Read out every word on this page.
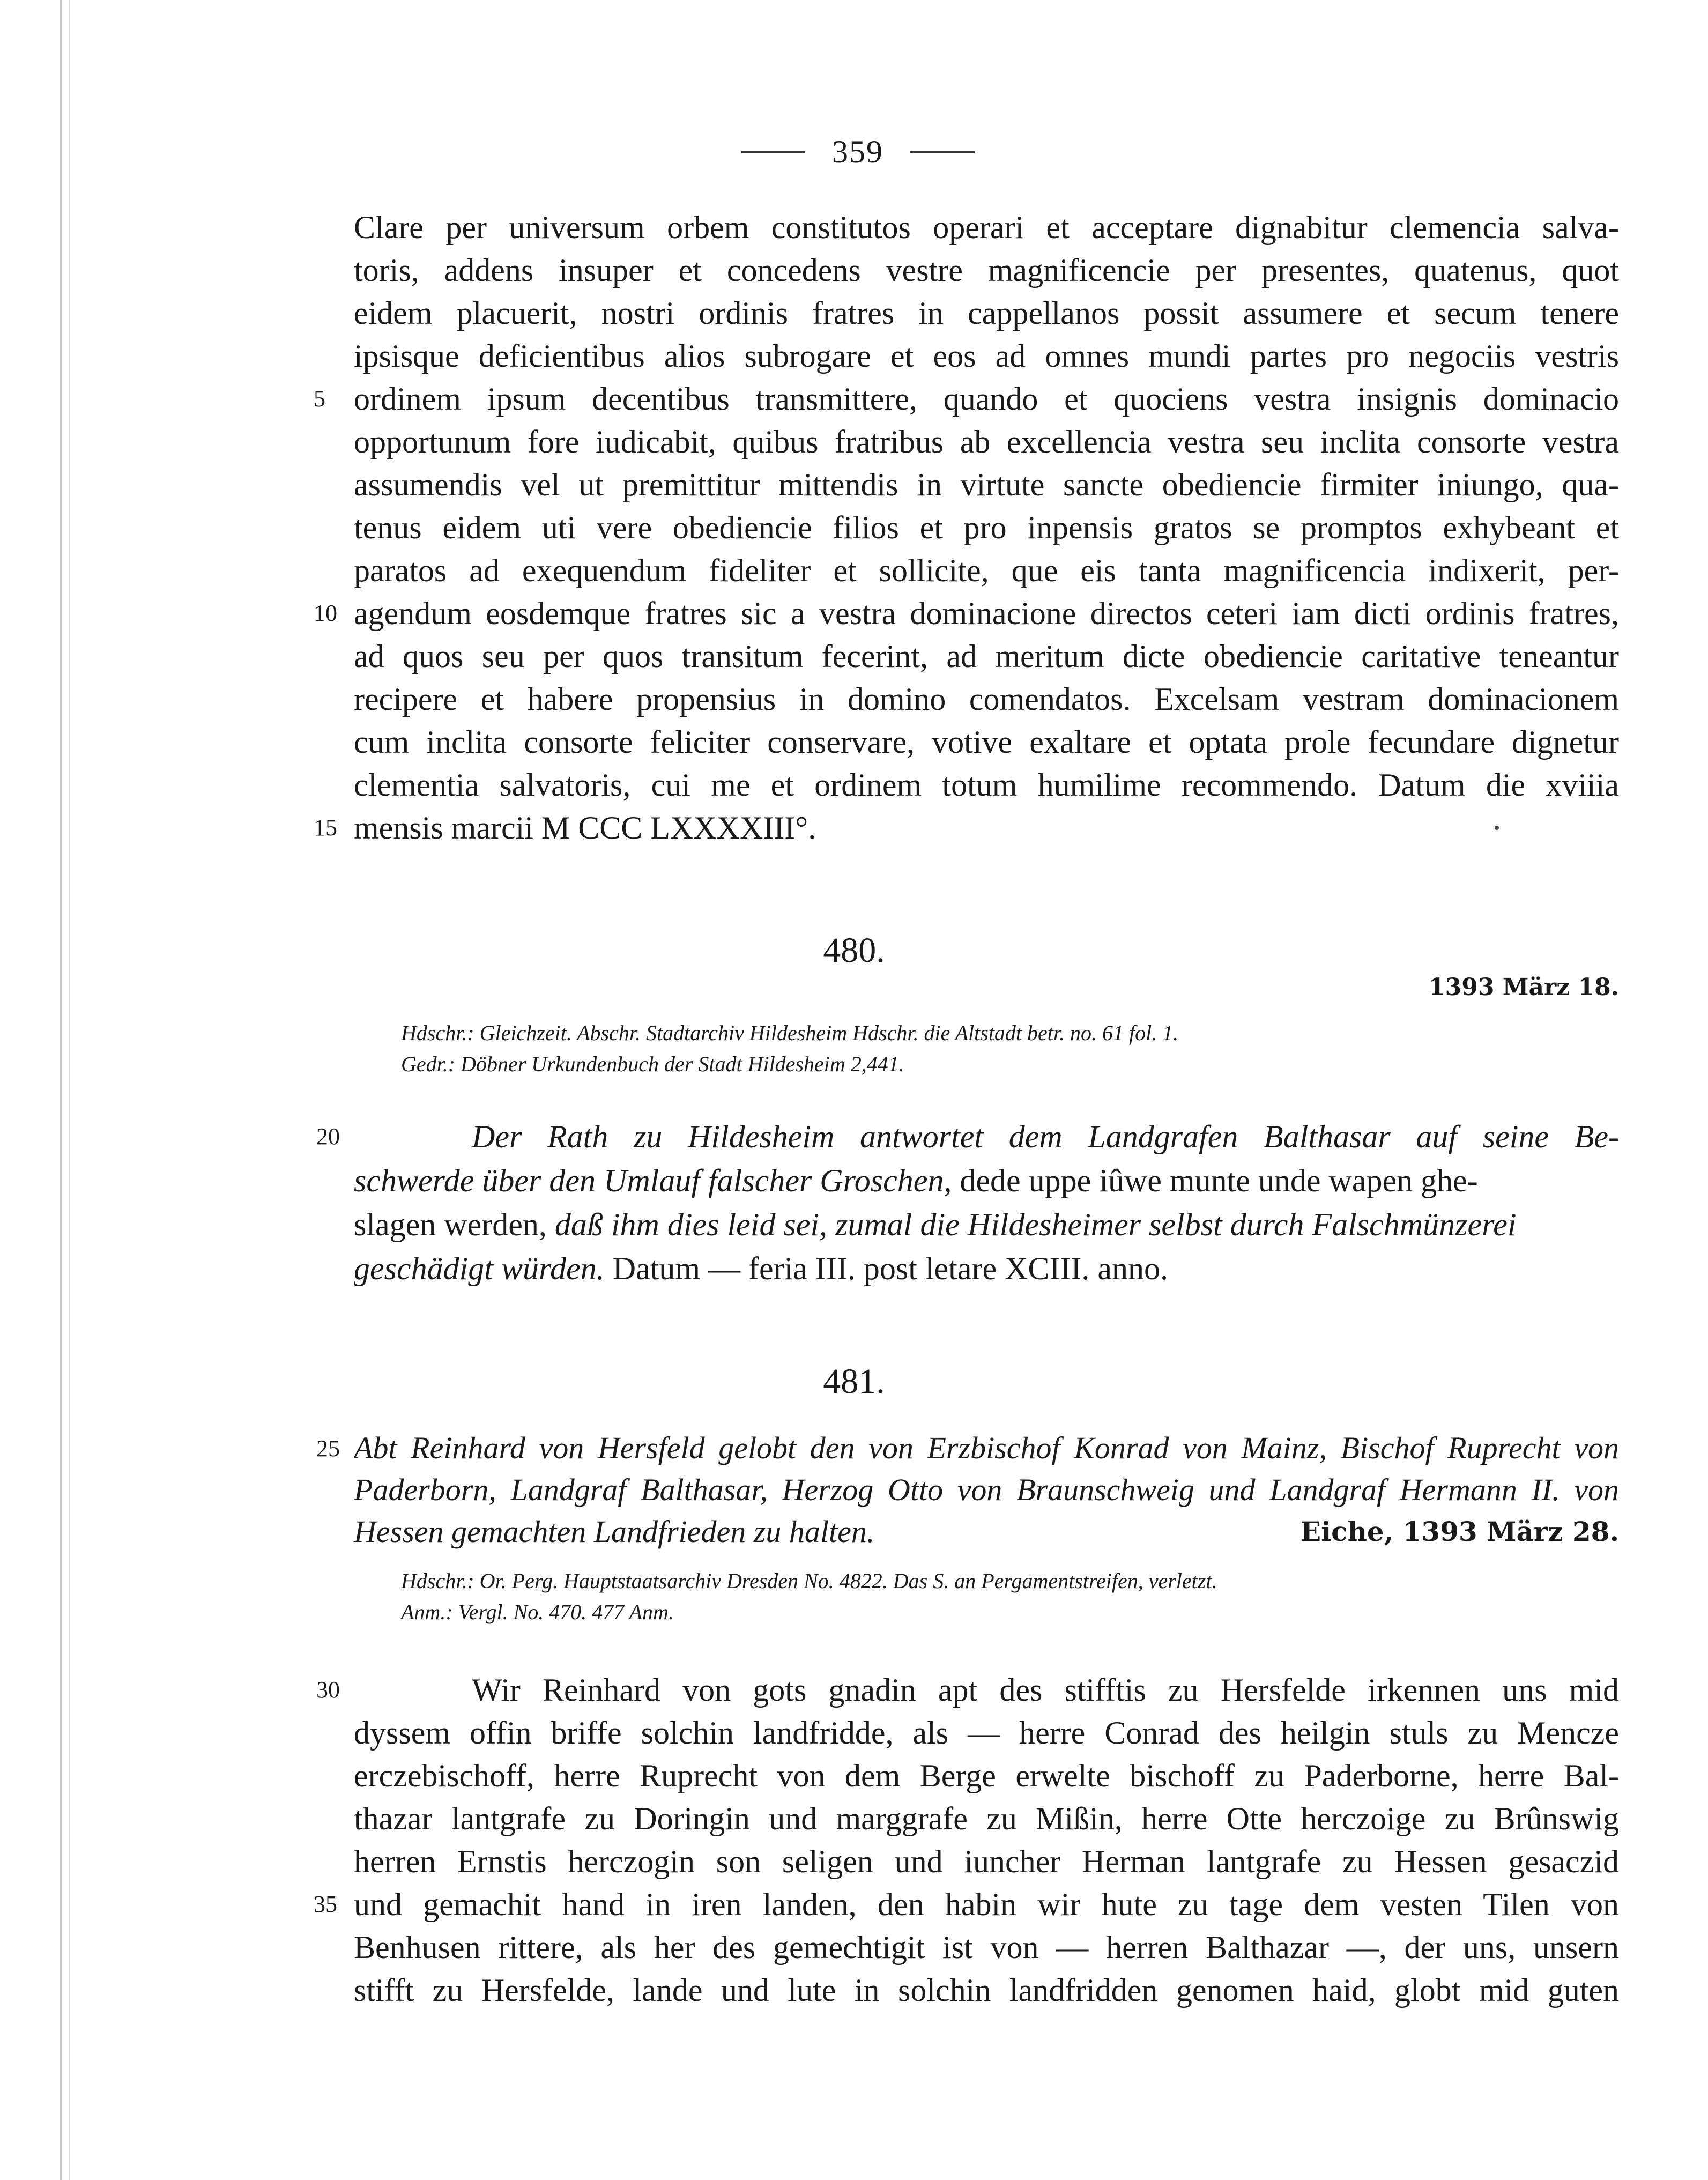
359
Clare per universum orbem constitutos operari et acceptare dignabitur clemencia salva-
toris, addens insuper et concedens vestre magnificencie per presentes, quatenus, quot
eidem placuerit, nostri ordinis fratres in cappellanos possit assumere et secum tenere
ipsisque deficientibus alios subrogare et eos ad omnes mundi partes pro negociis vestris
ordinem ipsum decentibus transmittere, quando et quociens vestra insignis dominacio
opportunum fore iudicabit, quibus fratribus ab excellencia vestra seu inclita consorte vestra
assumendis vel ut premittitur mittendis in virtute sancte obediencie firmiter iniungo, qua-
tenus eidem uti vere obediencie filios et pro inpensis gratos se promptos exhybeant et
paratos ad exequendum fideliter et sollicite, que eis tanta magnificencia indixerit, per-
agendum eosdemque fratres sic a vestra dominacione directos ceteri iam dicti ordinis fratres,
ad quos seu per quos transitum fecerint, ad meritum dicte obediencie caritative teneantur
recipere et habere propensius in domino comendatos. Excelsam vestram dominacionem
cum inclita consorte feliciter conservare, votive exaltare et optata prole fecundare dignetur
clementia salvatoris, cui me et ordinem totum humilime recommendo. Datum die xviiia
mensis marcii M CCC LXXXXIII°.
5
10
15
480.
1393 März 18.
Hdschr.: Gleichzeit. Abschr. Stadtarchiv Hildesheim Hdschr. die Altstadt betr. no. 61 fol. 1.
Gedr.: Döbner Urkundenbuch der Stadt Hildesheim 2,441.
20	Der Rath zu Hildesheim antwortet dem Landgrafen Balthasar auf seine Be-
schwerde über den Umlauf falscher Groschen, dede uppe iûwe munte unde wapen ghe-
slagen werden, daß ihm dies leid sei, zumal die Hildesheimer selbst durch Falschmünzerei
geschädigt würden. Datum — feria III. post letare XCIII. anno.
481.
25 Abt Reinhard von Hersfeld gelobt den von Erzbischof Konrad von Mainz, Bischof Ruprecht von
Paderborn, Landgraf Balthasar, Herzog Otto von Braunschweig und Landgraf Hermann II. von
Hessen gemachten Landfrieden zu halten.	Eiche, 1393 März 28.
Hdschr.: Or. Perg. Hauptstaatsarchiv Dresden No. 4822. Das S. an Pergamentstreifen, verletzt.
Anm.: Vergl. No. 470. 477 Anm.
30	Wir Reinhard von gots gnadin apt des stifftis zu Hersfelde irkennen uns mid
dyssem offin briffe solchin landfridde, als — herre Conrad des heilgin stuls zu Mencze
erczebischoff, herre Ruprecht von dem Berge erwelte bischoff zu Paderborne, herre Bal-
thazar lantgrafe zu Doringin und marggrafe zu Mißin, herre Otte herczoige zu Brûnswig
herren Ernstis herczogin son seligen und iuncher Herman lantgrafe zu Hessen gesaczid
35 und gemachit hand in iren landen, den habin wir hute zu tage dem vesten Tilen von
Benhusen rittere, als her des gemechtigit ist von — herren Balthazar —, der uns, unsern
stifft zu Hersfelde, lande und lute in solchin landfridden genomen haid, globt mid guten
